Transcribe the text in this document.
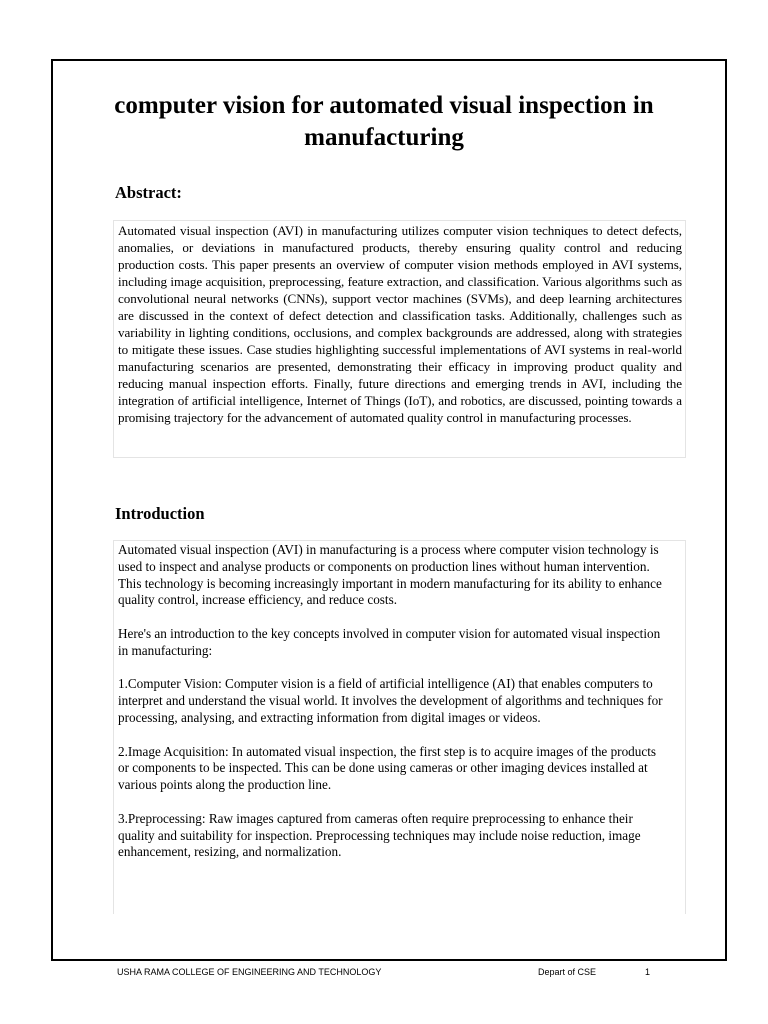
computer vision for automated visual inspection in manufacturing
Abstract:
Automated visual inspection (AVI) in manufacturing utilizes computer vision techniques to detect defects, anomalies, or deviations in manufactured products, thereby ensuring quality control and reducing production costs. This paper presents an overview of computer vision methods employed in AVI systems, including image acquisition, preprocessing, feature extraction, and classification. Various algorithms such as convolutional neural networks (CNNs), support vector machines (SVMs), and deep learning architectures are discussed in the context of defect detection and classification tasks. Additionally, challenges such as variability in lighting conditions, occlusions, and complex backgrounds are addressed, along with strategies to mitigate these issues. Case studies highlighting successful implementations of AVI systems in real-world manufacturing scenarios are presented, demonstrating their efficacy in improving product quality and reducing manual inspection efforts. Finally, future directions and emerging trends in AVI, including the integration of artificial intelligence, Internet of Things (IoT), and robotics, are discussed, pointing towards a promising trajectory for the advancement of automated quality control in manufacturing processes.
Introduction

Automated visual inspection (AVI) in manufacturing is a process where computer vision technology is used to inspect and analyse products or components on production lines without human intervention. This technology is becoming increasingly important in modern manufacturing for its ability to enhance quality control, increase efficiency, and reduce costs.

Here's an introduction to the key concepts involved in computer vision for automated visual inspection in manufacturing:

1.Computer Vision: Computer vision is a field of artificial intelligence (AI) that enables computers to interpret and understand the visual world. It involves the development of algorithms and techniques for processing, analysing, and extracting information from digital images or videos.

2.Image Acquisition: In automated visual inspection, the first step is to acquire images of the products or components to be inspected. This can be done using cameras or other imaging devices installed at various points along the production line.

3.Preprocessing: Raw images captured from cameras often require preprocessing to enhance their quality and suitability for inspection. Preprocessing techniques may include noise reduction, image enhancement, resizing, and normalization.

USHA RAMA COLLEGE OF ENGINEERING AND TECHNOLOGY	Depart of CSE	1
